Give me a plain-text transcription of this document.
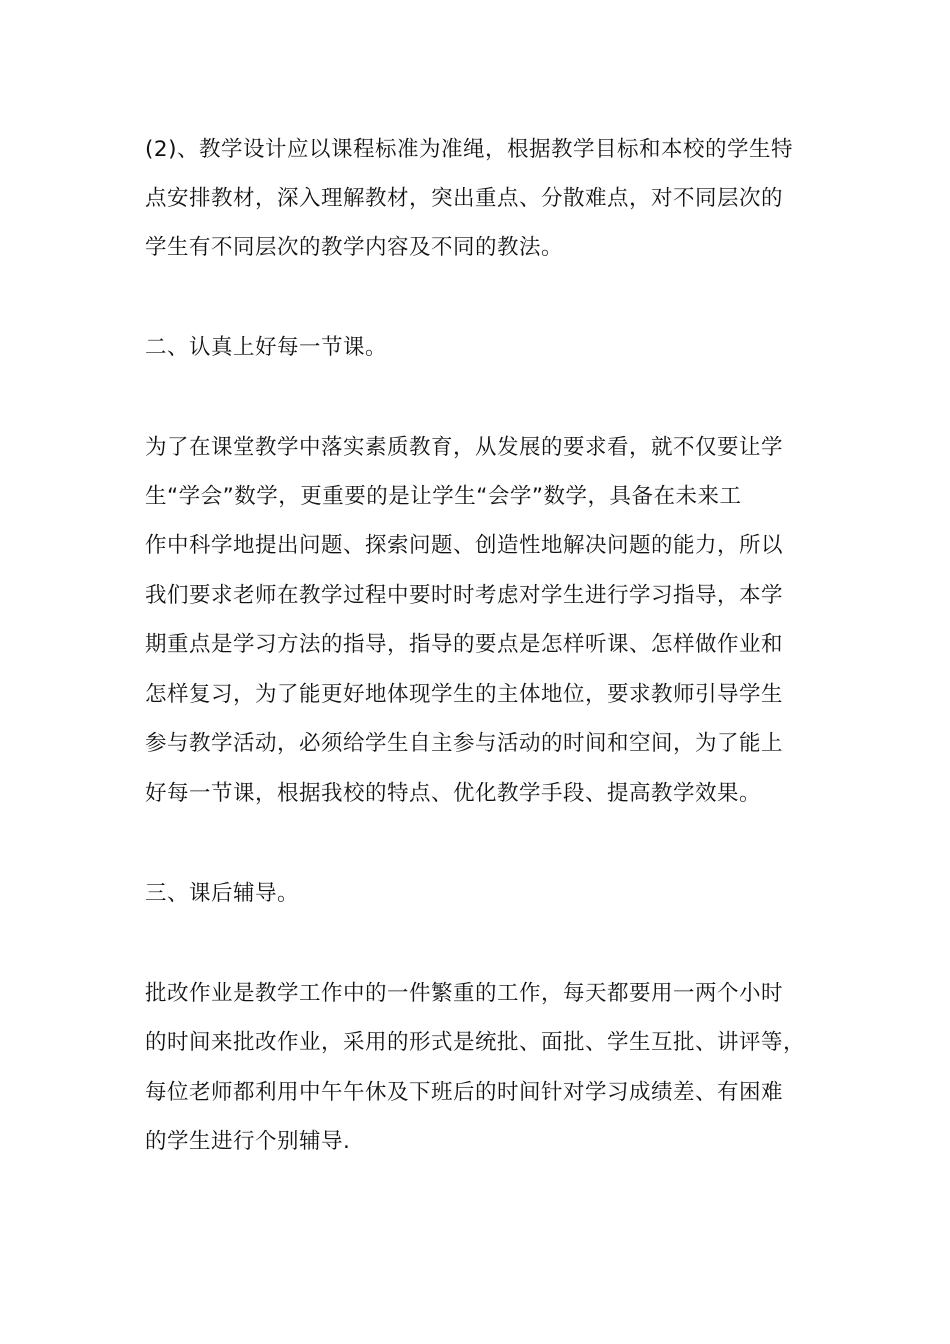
(2)、教学设计应以课程标准为准绳，根据教学目标和本校的学生特
点安排教材，深入理解教材，突出重点、分散难点，对不同层次的
学生有不同层次的教学内容及不同的教法。
二、认真上好每一节课。
为了在课堂教学中落实素质教育，从发展的要求看，就不仅要让学
生“学会”数学，更重要的是让学生“会学”数学，具备在未来工
作中科学地提出问题、探索问题、创造性地解决问题的能力，所以
我们要求老师在教学过程中要时时考虑对学生进行学习指导，本学
期重点是学习方法的指导，指导的要点是怎样听课、怎样做作业和
怎样复习，为了能更好地体现学生的主体地位，要求教师引导学生
参与教学活动，必须给学生自主参与活动的时间和空间，为了能上
好每一节课，根据我校的特点、优化教学手段、提高教学效果。
三、课后辅导。
批改作业是教学工作中的一件繁重的工作，每天都要用一两个小时
的时间来批改作业，采用的形式是统批、面批、学生互批、讲评等，
每位老师都利用中午午休及下班后的时间针对学习成绩差、有困难
的学生进行个别辅导.
